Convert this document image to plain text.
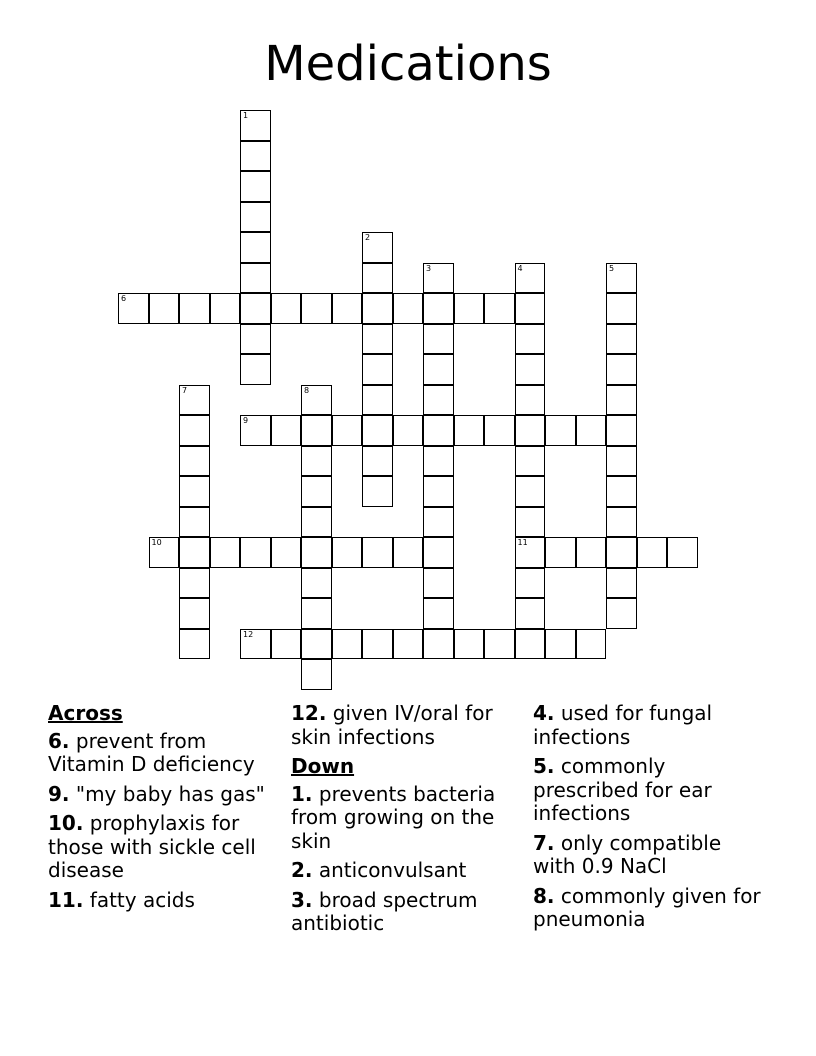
Medications
1
2
3	4
11
5
6
7	8
9
10
12
Across
6. prevent from Vitamin D deficiency
9. "my baby has gas"
10. prophylaxis for those with sickle cell disease
11. fatty acids
12. given IV/oral for skin infections
Down
1. prevents bacteria from growing on the skin
2. anticonvulsant
3. broad spectrum antibiotic
4. used for fungal infections
5. commonly prescribed for ear infections
7. only compatible with 0.9 NaCl
8. commonly given for pneumonia
